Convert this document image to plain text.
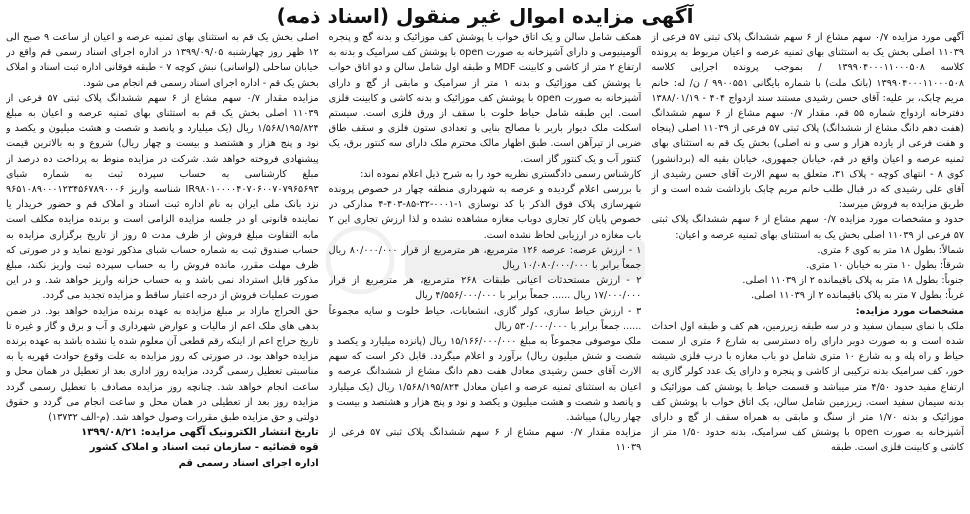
آگهی مزایده اموال غیر منقول (اسناد ذمه)

آگهی مورد مزایده ۰/۷ سهم مشاع از ۶ سهم ششدانگ پلاک ثبتی ۵۷ فرعی از ۱۱۰۳۹ اصلی بخش یک به استثنای بهای ثمنیه عرصه و اعیان مربوط به پرونده کلاسه ۱۳۹۹۰۴۰۰۰۱۱۰۰۰۵۰۸ / بموجب پرونده اجرایی کلاسه ۱۳۹۹۰۴۰۰۰۱۱۰۰۰۵۰۸ (بانک ملت) با شماره بایگانی ۹۹۰۰۵۵۱ / ن/ له: خانم مریم چابک، بر علیه: آقای حسن رشیدی مستند سند ازدواج ۴۰۴ - ۱۳۸۸/۰۱/۱۹ دفترخانه ازدواج شماره ۵۵ قم، مقدار ۰/۷ سهم مشاع از ۶ سهم ششدانگ (هفت دهم دانگ مشاع از ششدانگ) پلاک ثبتی ۵۷ فرعی از ۱۱۰۳۹ اصلی (پنجاه و هفت فرعی از یازده هزار و سی و نه اصلی) بخش یک قم به استثنای بهای ثمنیه عرصه و اعیان واقع در قم، خیابان جمهوری، خیابان بقیه اله (بردانشور) کوی ۸ - انتهای کوچه - پلاک ۳۱، متعلق به سهم الارث آقای حسن رشیدی از آقای علی رشیدی که در قبال طلب خانم مریم چابک بازداشت شده است و از طریق مزایده به فروش میرسد:

حدود و مشخصات مورد مزایده ۰/۷ سهم مشاع از ۶ سهم ششدانگ پلاک ثبتی ۵۷ فرعی از ۱۱۰۳۹ اصلی بخش یک به استثنای بهای ثمنیه عرصه و اعیان:

شمالاً: بطول ۱۸ متر به کوی ۶ متری.

شرقاً: بطول ۱۰ متر به خیابان ۱۰ متری.

جنوباً: بطول ۱۸ متر به پلاک باقیمانده ۲ از ۱۱۰۳۹ اصلی.

غرباً: بطول ۷ متر به پلاک باقیمانده ۲ از ۱۱۰۳۹ اصلی.

مشخصات مورد مزایده:

ملک با نمای سیمان سفید و در سه طبقه زیرزمین، هم کف و طبقه اول احداث شده است و به صورت دوبر دارای راه دسترسی به شارع ۶ متری از سمت حیاط و راه پله و به شارع ۱۰ متری شامل دو باب مغازه با درب فلزی شیشه خور، کف سرامیک بدنه ترکیبی از کاشی و پنجره و دارای یک عدد کولر گازی به ارتفاع مفید حدود ۴/۵۰ متر میباشد و قسمت حیاط با پوشش کف موزائیک و بدنه سیمان سفید است. زیرزمین شامل سالن، یک اتاق خواب با پوشش کف موزائیک و بدنه ۱/۷۰ متر از سنگ و مابقی به همراه سقف از گچ و دارای آشپزخانه به صورت open با پوشش کف سرامیک، بدنه حدود ۱/۵۰ متر از کاشی و کابینت فلزی است. طبقه

همکف شامل سالن و یک اتاق خواب با پوشش کف موزائیک و بدنه گچ و پنجره آلومینیومی و دارای آشپزخانه به صورت open با پوشش کف سرامیک و بدنه به ارتفاع ۲ متر از کاشی و کابینت MDF و طبقه اول شامل سالن و دو اتاق خواب با پوشش کف موزائیک و بدنه ۱ متر از سرامیک و مابقی از گچ و دارای آشپزخانه به صورت open با پوشش کف موزائیک و بدنه کاشی و کابینت فلزی است. این طبقه شامل حیاط خلوت با سقف از ورق فلزی است. سیستم اسکلت ملک دیوار باربر با مصالح بنایی و تعدادی ستون فلزی و سقف طاق ضربی از تیرآهن است. طبق اظهار مالک محترم ملک دارای سه کنتور برق، یک کنتور آب و یک کنتور گاز است.

کارشناس رسمی دادگستری نظریه خود را به شرح ذیل اعلام نموده اند:

با بررسی اعلام گردیده و عرصه به شهرداری منطقه چهار در خصوص پرونده شهرسازی پلاک فوق الذکر با کد نوسازی ۱-۰۰۰۱-۳۲-۸۵-۴۰۳-۴ مدارکی در خصوص پایان کار تجاری دوباب مغازه مشاهده نشده و لذا ارزش تجاری این ۲ باب مغازه در ارزیابی لحاظ نشده است.

۱ - ارزش عرصه: عرصه ۱۲۶ مترمربع، هر مترمربع از قرار ۸۰/۰۰۰/۰۰۰ ریال جمعاً برابر با ۱۰/۰۸۰/۰۰۰/۰۰۰ ریال

۲ - ارزش مستحدثات اعیانی طبقات ۲۶۸ مترمربع، هر مترمربع از قرار ۱۷/۰۰۰/۰۰۰ ریال ...... جمعاً برابر با ۴/۵۵۶/۰۰۰/۰۰۰ ریال

۳ - ارزش حیاط سازی، کولر گازی، انشعابات، حیاط خلوت و سایه مجموعاً ...... جمعاً برابر با ۵۳۰/۰۰۰/۰۰۰ ریال

ملک موصوفی مجموعاً به مبلغ ۱۵/۱۶۶/۰۰۰/۰۰۰ ریال (پانزده میلیارد و یکصد و شصت و شش میلیون ریال) برآورد و اعلام میگردد. قابل ذکر است که سهم الارث آقای حسن رشیدی معادل هفت دهم دانگ مشاع از ششدانگ عرصه و اعیان به استثنای ثمنیه عرصه و اعیان معادل ۱/۵۶۸/۱۹۵/۸۲۴ ریال (یک میلیارد و پانصد و شصت و هشت میلیون و یکصد و نود و پنج هزار و هشتصد و بیست و چهار ریال) میباشد.

مزایده مقدار ۰/۷ سهم مشاع از ۶ سهم ششدانگ پلاک ثبتی ۵۷ فرعی از ۱۱۰۳۹

اصلی بخش یک قم به استثنای بهای ثمنیه عرصه و اعیان از ساعت ۹ صبح الی ۱۲ ظهر روز چهارشنبه ۱۳۹۹/۰۹/۰۵ در اداره اجرای اسناد رسمی قم واقع در خیابان ساحلی (لواسانی) نبش کوچه ۷ - طبقه فوقانی اداره ثبت اسناد و املاک بخش یک قم - اداره اجرای اسناد رسمی قم انجام می شود.

مزایده مقدار ۰/۷ سهم مشاع از ۶ سهم ششدانگ پلاک ثبتی ۵۷ فرعی از ۱۱۰۳۹ اصلی بخش یک قم به استثنای بهای ثمنیه عرصه و اعیان به مبلغ ۱/۵۶۸/۱۹۵/۸۲۴ ریال (یک میلیارد و پانصد و شصت و هشت میلیون و یکصد و نود و پنج هزار و هشتصد و بیست و چهار ریال) شروع و به بالاترین قیمت پیشنهادی فروخته خواهد شد. شرکت در مزایده منوط به پرداخت ده درصد از مبلغ کارشناسی به حساب سپرده ثبت به شماره شبای IR۹۸۰۱۰۰۰۰۴۰۷۰۶۰۰۷۰۷۹۶۵۶۹۳ شناسه واریز ۹۶۵۱۰۸۹۰۰۰۱۲۳۴۵۶۷۸۹۰۰۰۶ نزد بانک ملی ایران به نام اداره ثبت اسناد و املاک قم و حضور خریدار یا نماینده قانونی او در جلسه مزایده الزامی است و برنده مزایده مکلف است مابه التفاوت مبلغ فروش از ظرف مدت ۵ روز از تاریخ برگزاری مزایده به حساب صندوق ثبت به شماره حساب شبای مذکور تودیع نماید و در صورتی که ظرف مهلت مقرر، مانده فروش را به حساب سپرده ثبت واریز نکند، مبلغ مذکور قابل استرداد نمی باشد و به حساب خزانه واریز خواهد شد. و در این صورت عملیات فروش از درجه اعتبار ساقط و مزایده تجدید می گردد.

حق الحراج مازاد بر مبلغ مزایده به عهده برنده مزایده خواهد بود. در ضمن بدهی های ملک اعم از مالیات و عوارض شهرداری و آب و برق و گاز و غیره تا تاریخ حراج اعم از اینکه رقم قطعی آن معلوم شده یا نشده باشد به عهده برنده مزایده خواهد بود. در صورتی که روز مزایده به علت وقوع حوادث قهریه یا به مناسبتی تعطیل رسمی گردد، مزایده روز اداری بعد از تعطیل در همان محل و ساعت انجام خواهد شد. چنانچه روز مزایده مصادف با تعطیل رسمی گردد مزایده روز بعد از تعطیلی در همان محل و ساعت انجام می گردد و حقوق دولتی و حق مزایده طبق مقررات وصول خواهد شد. (م-الف ۱۳۷۳۲)

تاریخ انتشار الکترونیک آگهی مزایده: ۱۳۹۹/۰۸/۲۱

قوه قضائیه - سازمان ثبت اسناد و املاک کشور

اداره اجرای اسناد رسمی قم
